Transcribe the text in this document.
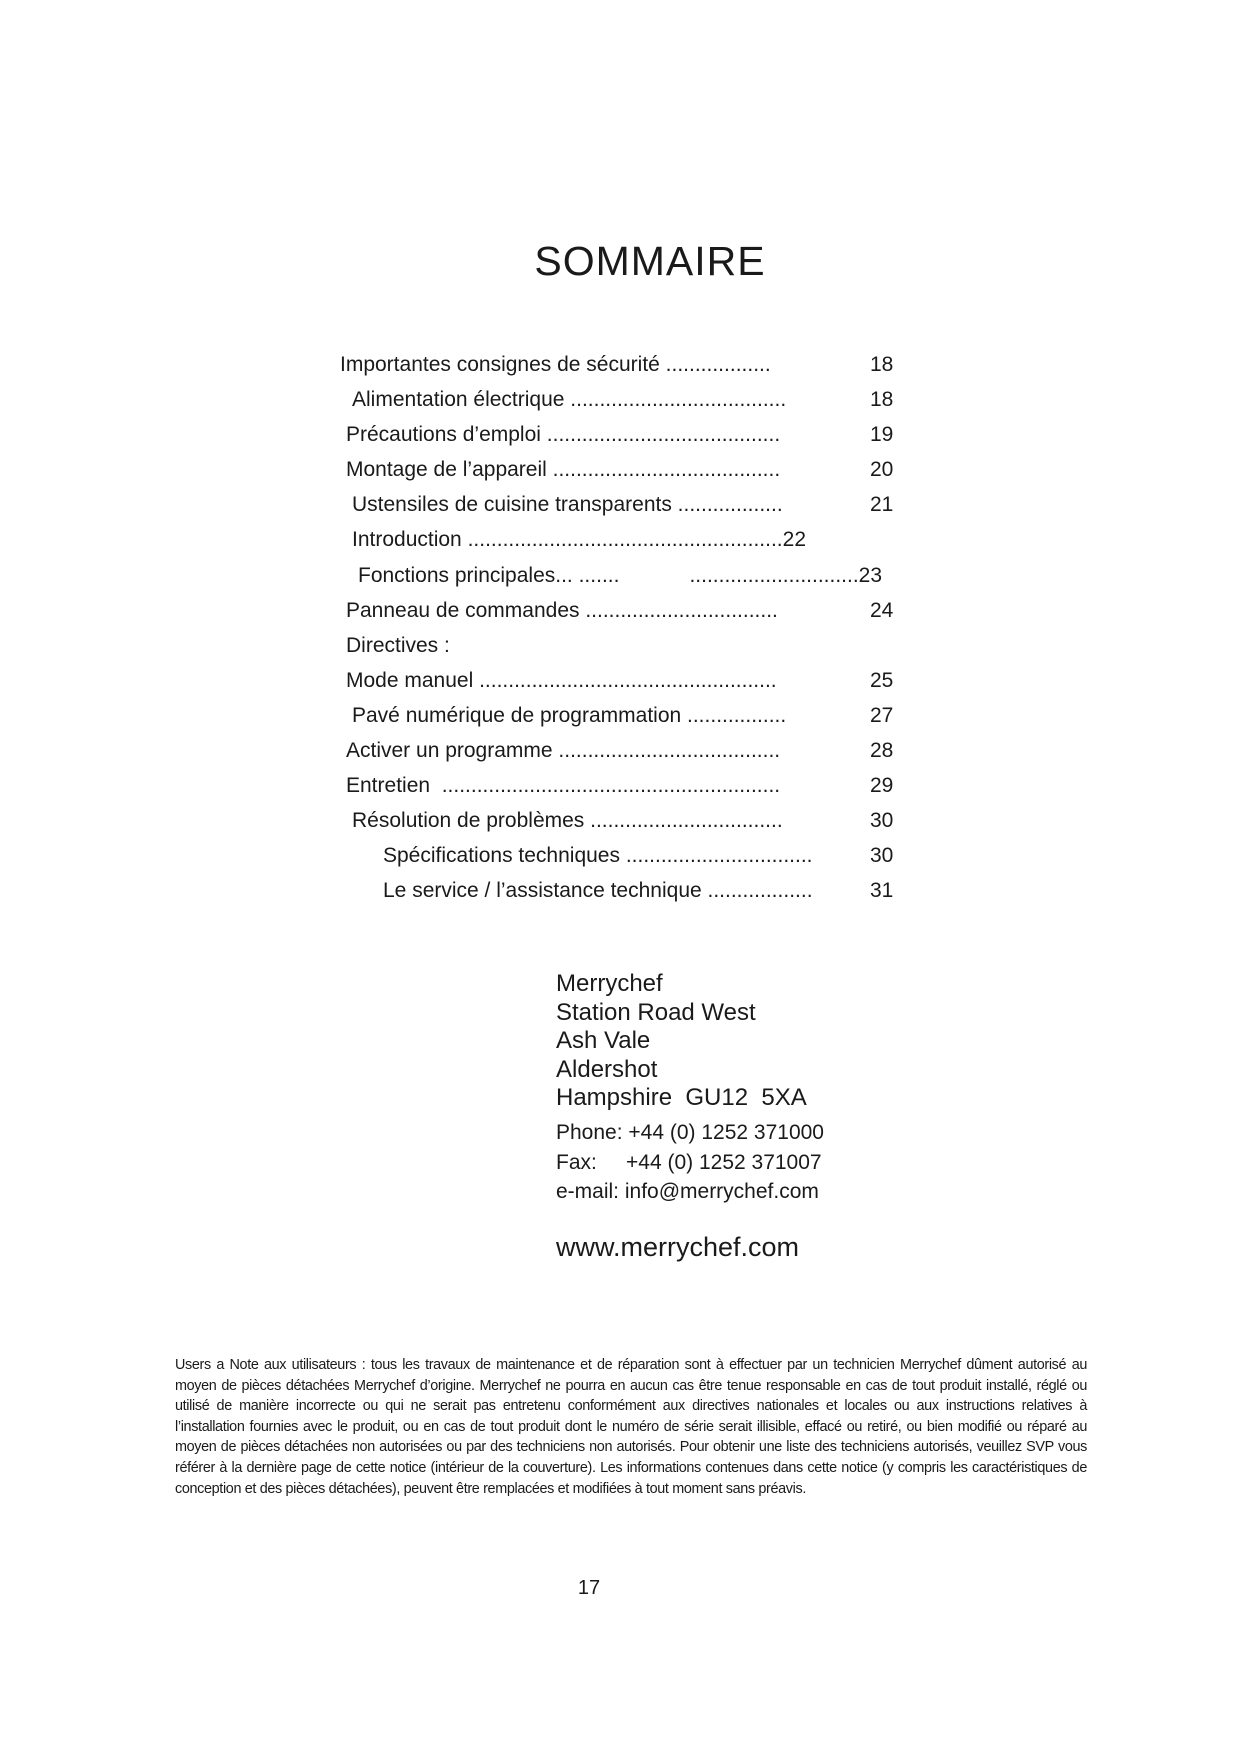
SOMMAIRE
Importantes consignes de sécurité ..................	18
Alimentation électrique .....................................	18
Précautions d’emploi ........................................	19
Montage de l’appareil .......................................	20
Ustensiles de cuisine transparents ..................	21
Introduction ......................................................22
Fonctions principales... .......            .............................23
Panneau de commandes .................................	24
Directives :
Mode manuel ...................................................	25
Pavé numérique de programmation .................	27
Activer un programme ......................................	28
Entretien  ..........................................................	29
Résolution de problèmes .................................	30
Spécifications techniques ................................	30
Le service / l’assistance technique ..................	31
Merrychef
Station Road West
Ash Vale
Aldershot
Hampshire  GU12  5XA
Phone: +44 (0) 1252 371000
Fax:     +44 (0) 1252 371007
e-mail: info@merrychef.com
www.merrychef.com
Users a Note aux utilisateurs : tous les travaux de maintenance et de réparation sont à effectuer par un technicien Merrychef dûment autorisé au moyen de pièces détachées Merrychef d’origine. Merrychef ne pourra en aucun cas être tenue responsable en cas de tout produit installé, réglé ou utilisé de manière incorrecte ou qui ne serait pas entretenu conformément aux directives nationales et locales ou aux instructions relatives à l’installation fournies avec le produit, ou en cas de tout produit dont le numéro de série serait illisible, effacé ou retiré, ou bien modifié ou réparé au moyen de pièces détachées non autorisées ou par des techniciens non autorisés. Pour obtenir une liste des techniciens autorisés, veuillez SVP vous référer à la dernière page de cette notice (intérieur de la couverture). Les informations contenues dans cette notice (y compris les caractéristiques de conception et des pièces détachées), peuvent être remplacées et modifiées à tout moment sans préavis.
17
